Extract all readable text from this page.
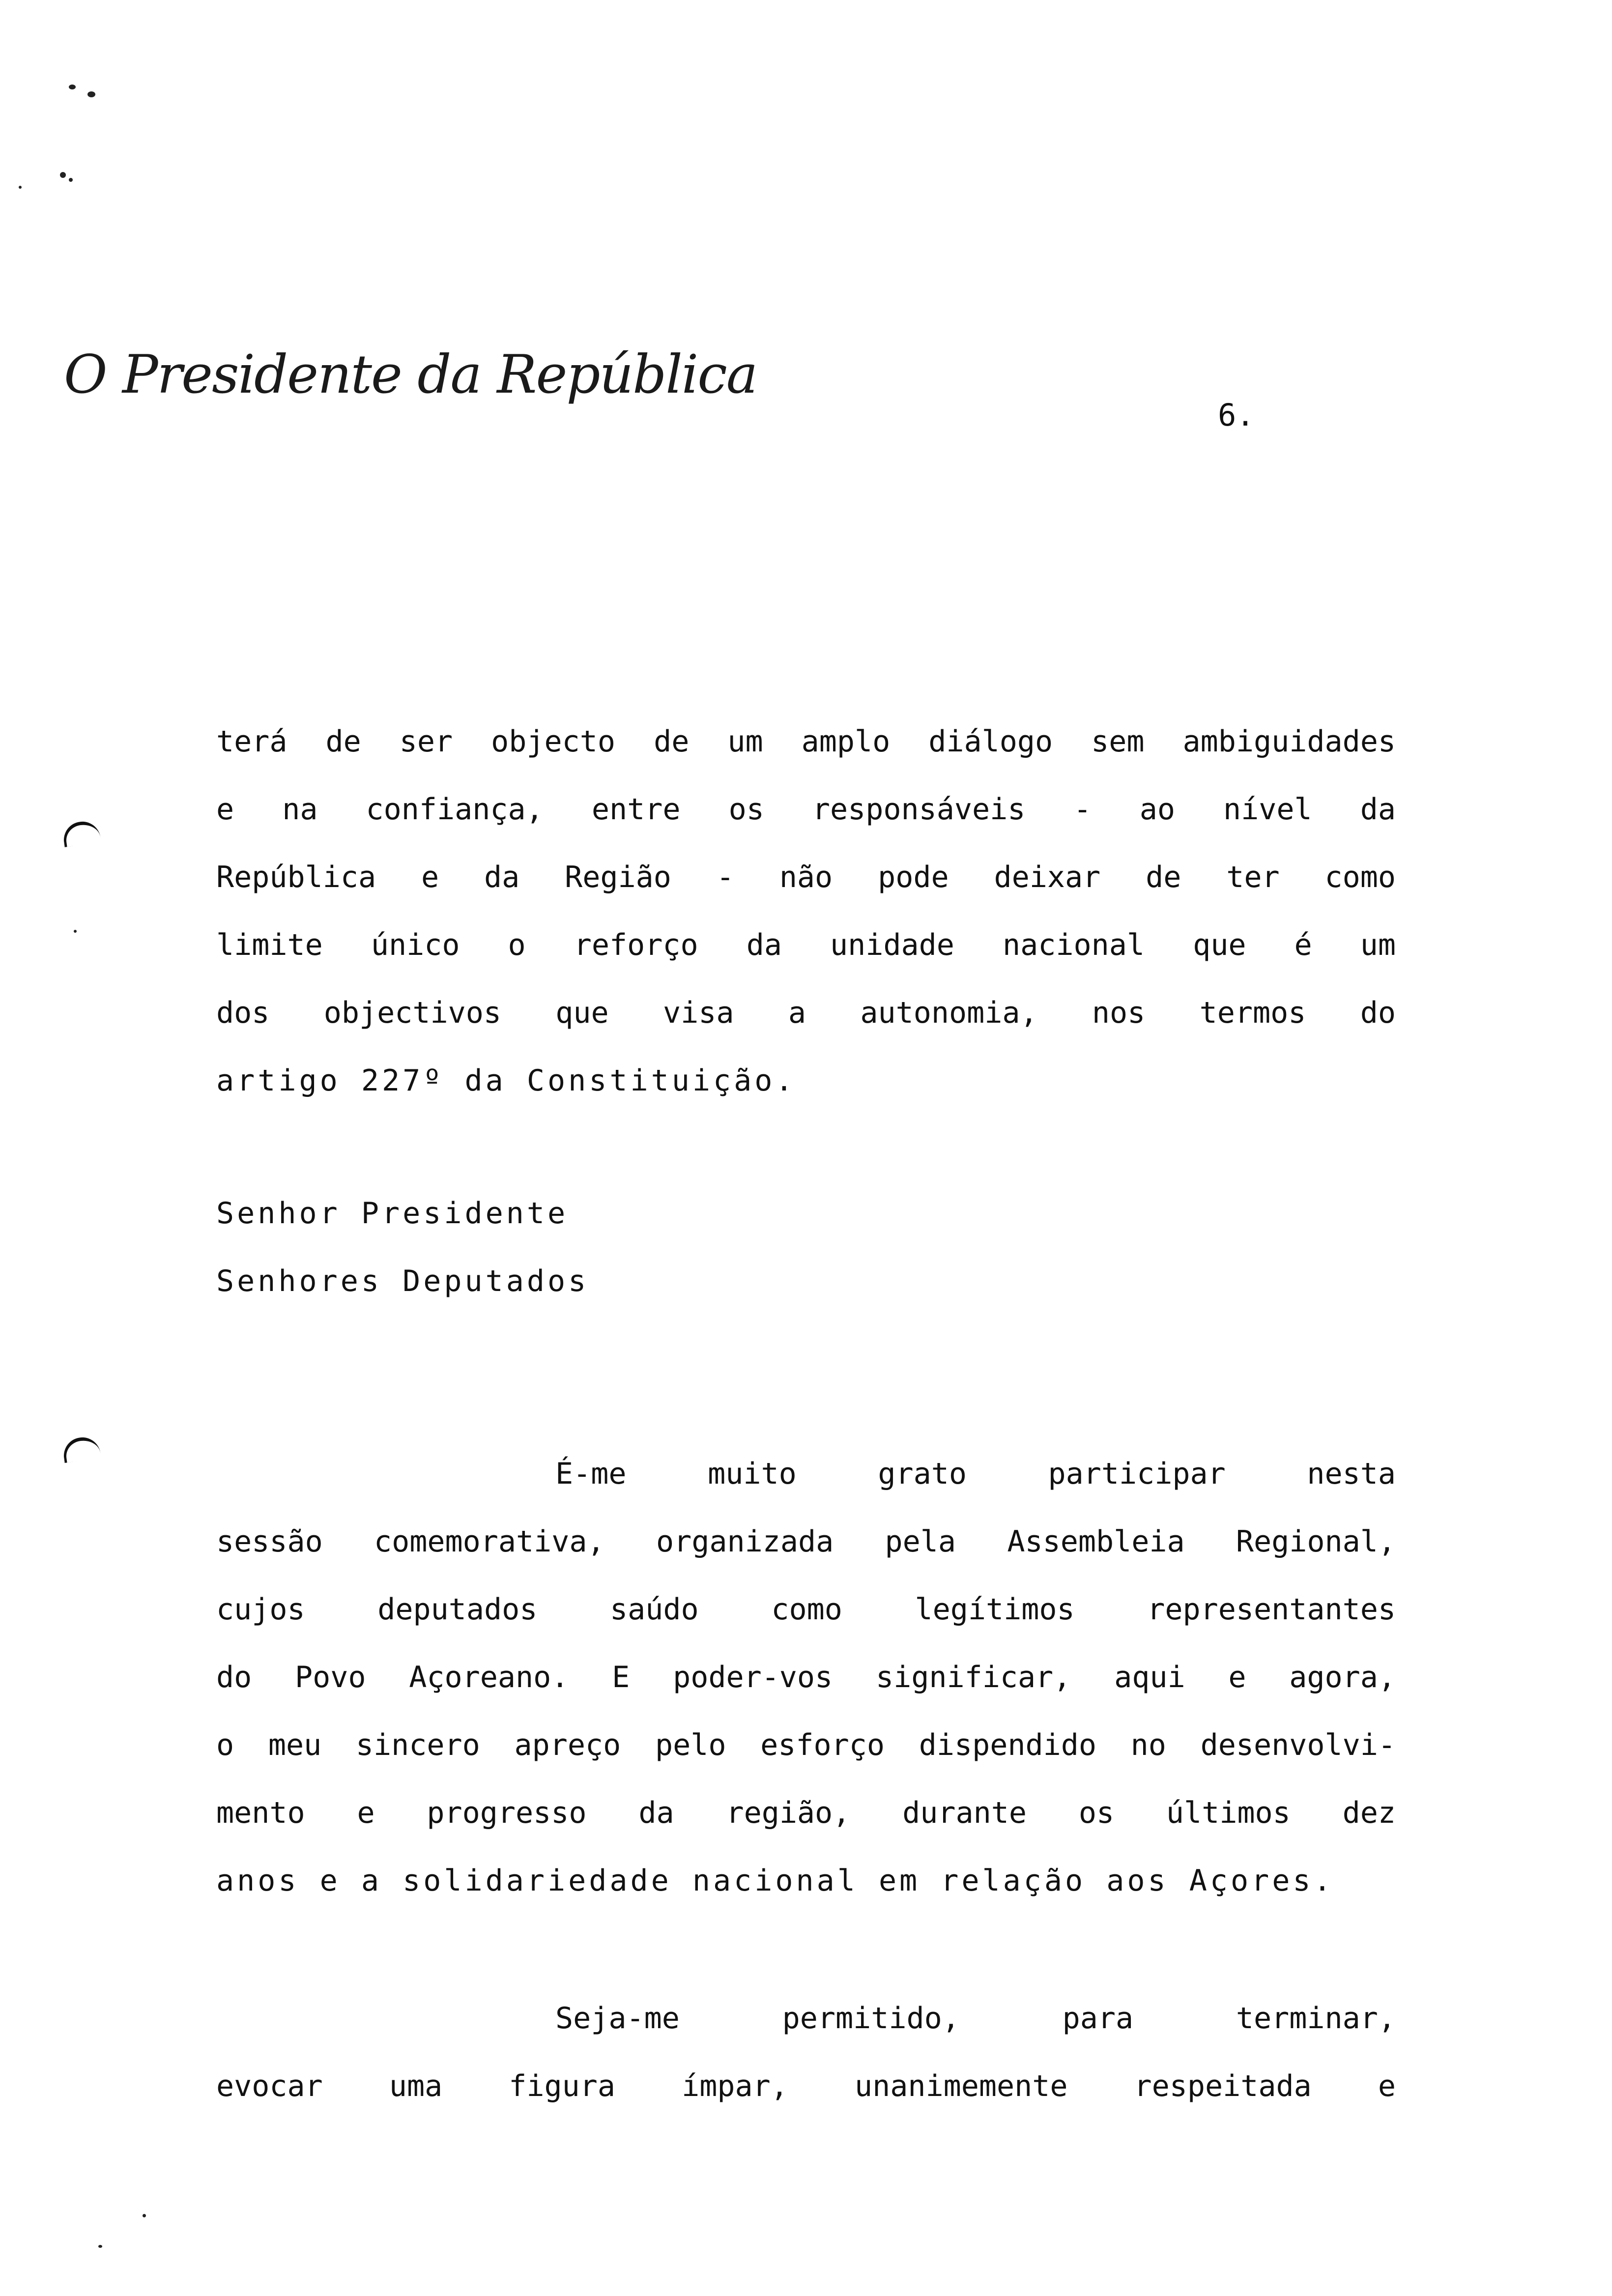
O Presidente da República
6.
terá de ser objecto de um amplo diálogo sem ambiguidades
e na confiança, entre os responsáveis - ao nível da
República e da Região - não pode deixar de ter como
limite único o reforço da unidade nacional que é um
dos objectivos que visa a autonomia, nos termos do
artigo 227º da Constituição.
Senhor Presidente
Senhores Deputados
É-me muito grato participar nesta
sessão comemorativa, organizada pela Assembleia Regional,
cujos deputados saúdo como legítimos representantes
do Povo Açoreano. E poder-vos significar, aqui e agora,
o meu sincero apreço pelo esforço dispendido no desenvolvi-
mento e progresso da região, durante os últimos dez
anos e a solidariedade nacional em relação aos Açores.
Seja-me permitido, para terminar,
evocar uma figura ímpar, unanimemente respeitada e
